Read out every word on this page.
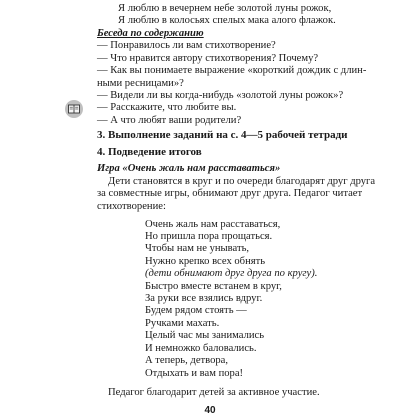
Я люблю в вечернем небе золотой луны рожок,
Я люблю в колосьях спелых мака алого флажок.
Беседа по содержанию
— Понравилось ли вам стихотворение?
— Что нравится автору стихотворения? Почему?
— Как вы понимаете выражение «короткий дождик с длин-
ными ресницами»?
— Видели ли вы когда-нибудь «золотой луны рожок»?
— Расскажите, что любите вы.
— А что любят ваши родители?
3. Выполнение заданий на с. 4—5 рабочей тетради
4. Подведение итогов
Игра «Очень жаль нам расставаться»
Дети становятся в круг и по очереди благодарят друг друга
за совместные игры, обнимают друг друга. Педагог читает
стихотворение:
Очень жаль нам расставаться,
Но пришла пора прощаться.
Чтобы нам не унывать,
Нужно крепко всех обнять
(дети обнимают друг друга по кругу).
Быстро вместе встанем в круг,
За руки все взялись вдруг.
Будем рядом стоять —
Ручками махать.
Целый час мы занимались
И немножко баловались.
А теперь, детвора,
Отдыхать и вам пора!
Педагог благодарит детей за активное участие.
40
